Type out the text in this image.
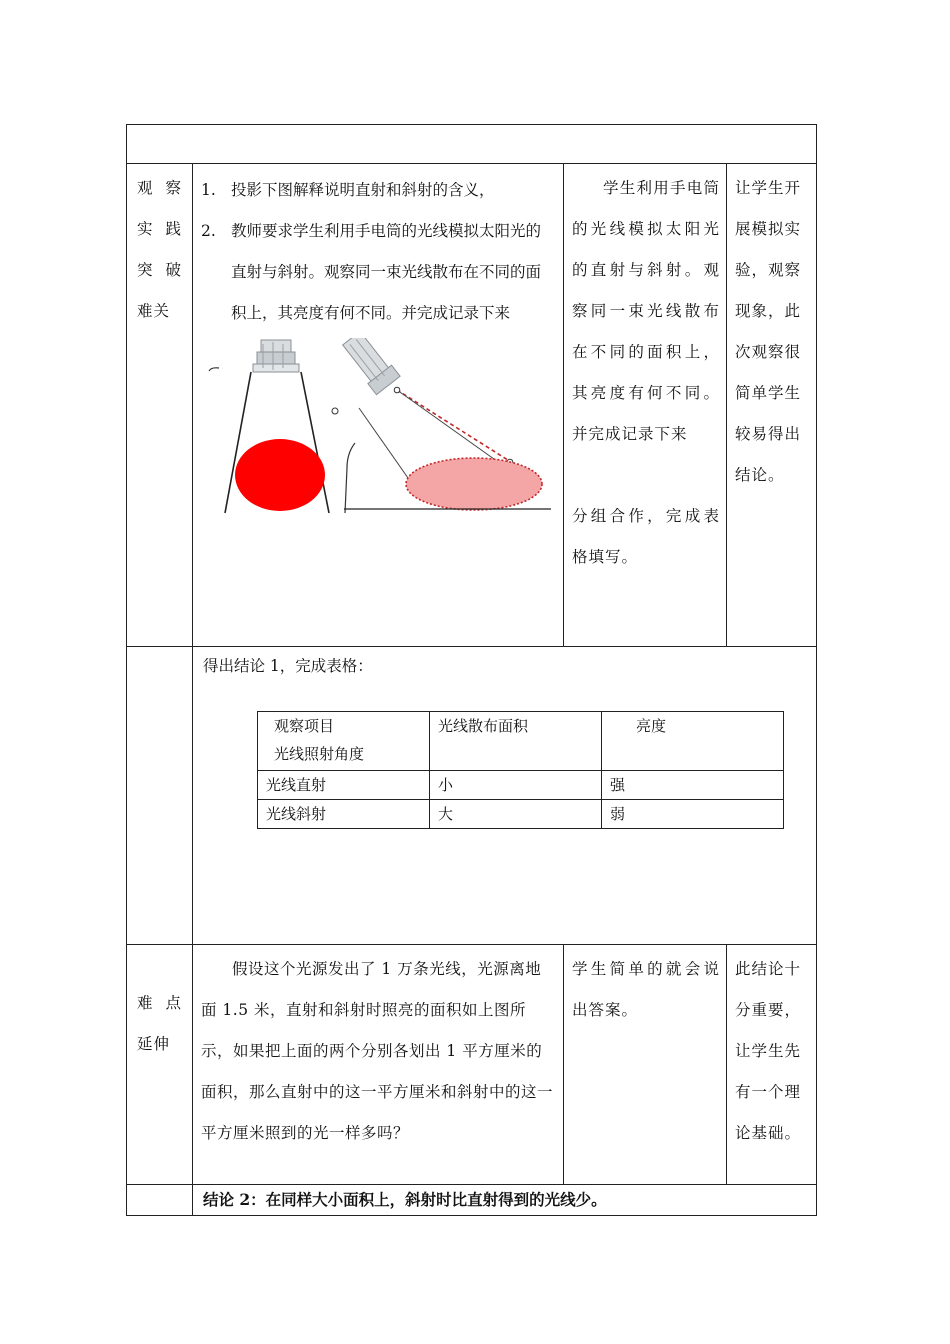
观 察
实 践
突 破
难关

1. 投影下图解释说明直射和斜射的含义，
2. 教师要求学生利用手电筒的光线模拟太阳光的直射与斜射。观察同一束光线散布在不同的面积上，其亮度有何不同。并完成记录下来

学生利用手电筒的光线模拟太阳光的直射与斜射。观察同一束光线散布在不同的面积上，其亮度有何不同。并完成记录下来
分组合作，完成表格填写。

让学生开展模拟实验，观察现象，此次观察很简单学生较易得出结论。

得出结论 1，完成表格：
观察项目
光线照射角度
	光线散布面积	亮度
光线直射	小	强
光线斜射	大	弱

难 点
延 伸

假设这个光源发出了 1 万条光线，光源离地面 1.5 米，直射和斜射时照亮的面积如上图所示，如果把上面的两个分别各划出 1 平方厘米的面积，那么直射中的这一平方厘米和斜射中的这一平方厘米照到的光一样多吗？

学生简单的就会说出答案。

此结论十分重要，让学生先有一个理论基础。

结论 2：在同样大小面积上，斜射时比直射得到的光线少。
